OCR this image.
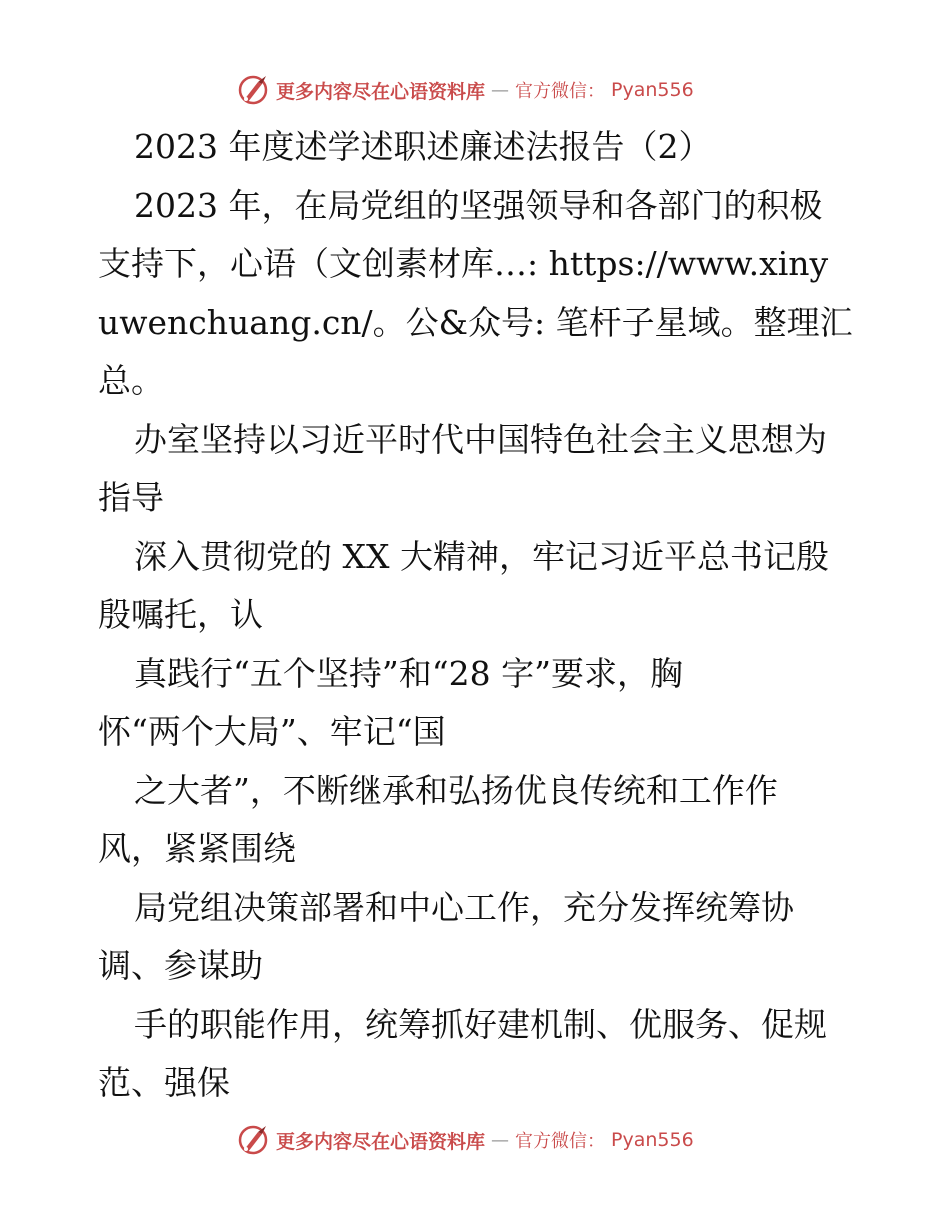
更多内容尽在心语资料库 — 官方微信： Pyan556
2023 年度述学述职述廉述法报告（2）
2023 年，在局党组的坚强领导和各部门的积极
支持下，心语（文创素材库…: https://www.xiny
uwenchuang.cn/。公&众号: 笔杆子星域。整理汇
总。
办室坚持以习近平时代中国特色社会主义思想为
指导
深入贯彻党的 XX 大精神，牢记习近平总书记殷
殷嘱托，认
真践行“五个坚持”和“28 字”要求，胸
怀“两个大局”、牢记“国
之大者”，不断继承和弘扬优良传统和工作作
风，紧紧围绕
局党组决策部署和中心工作，充分发挥统筹协
调、参谋助
手的职能作用，统筹抓好建机制、优服务、促规
范、强保
更多内容尽在心语资料库 — 官方微信： Pyan556
